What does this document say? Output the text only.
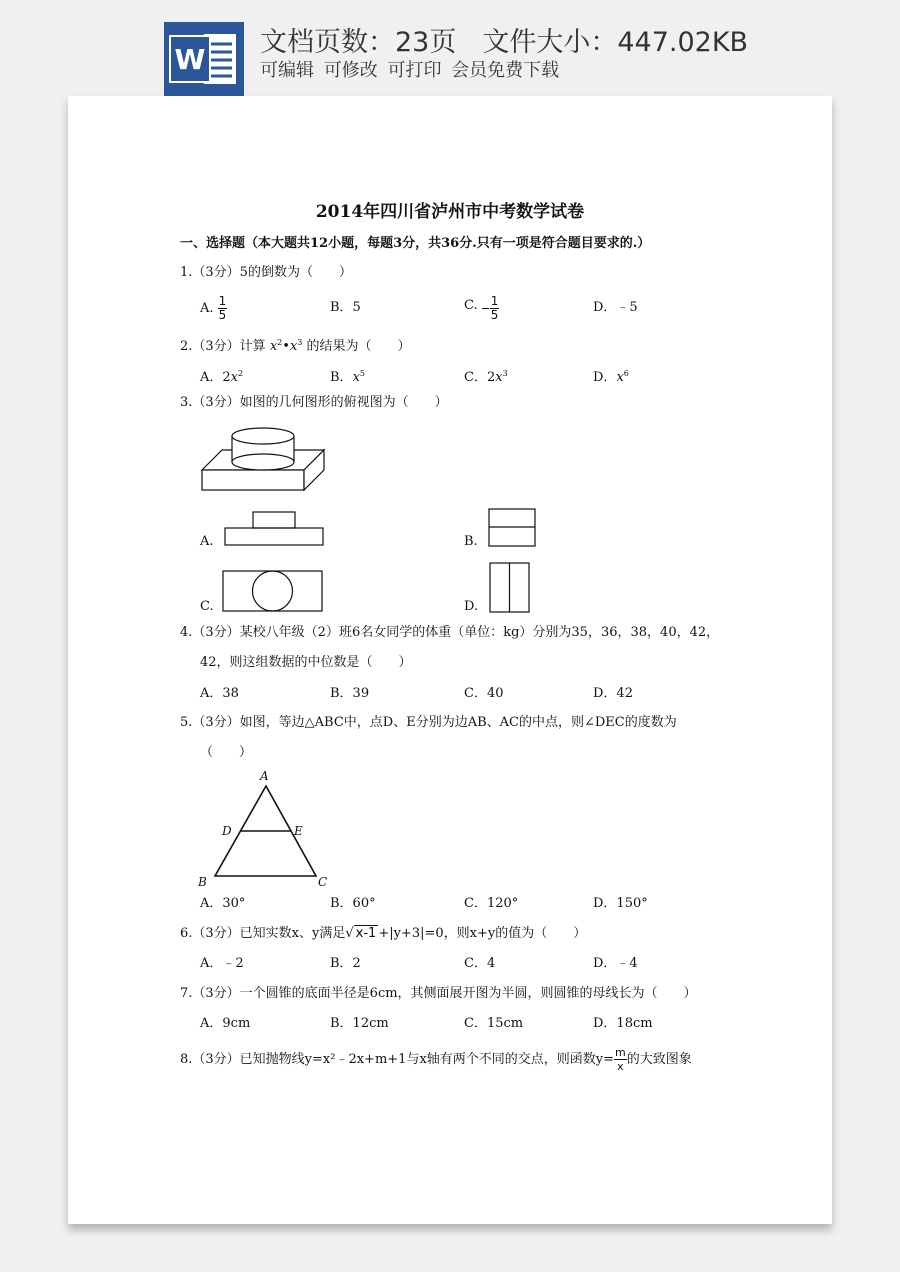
W
文档页数：23页 文件大小：447.02KB
可编辑 可修改 可打印 会员免费下载
2014年四川省泸州市中考数学试卷
一、选择题（本大题共12小题，每题3分，共36分.只有一项是符合题目要求的.）
1.（3分）5的倒数为（　　）
A. $\frac{1}{5}$	B．5	C. $\frac{1}{5}$	D．﹣5
2.（3分）计算 $x^2•x^3$ 的结果为（　　）
A．$2x^2$	B．$x^5$	C．$2x^3$	D．$x^6$
3.（3分）如图的几何图形的俯视图为（　　）
A.	B.
C.	D.
4.（3分）某校八年级（2）班6名女同学的体重（单位：kg）分别为35，36，38，40，42，
42，则这组数据的中位数是（　　）
A．38	B．39	C．40	D．42
5.（3分）如图，等边△ABC中，点D、E分别为边AB、AC的中点，则∠DEC的度数为
（　　）
A
D	E
B	C
A．30°	B．60°	C．120°	D．150°
6.（3分）已知实数x、y满足√ x-1 +|y+3|=0，则x+y的值为（　　）
A．﹣2	B．2	C．4	D．﹣4
7.（3分）一个圆锥的底面半径是6cm，其侧面展开图为半圆，则圆锥的母线长为（　　）
A．9cm	B．12cm	C．15cm	D．18cm
8.（3分）已知抛物线y=x²﹣2x+m+1与x轴有两个不同的交点，则函数$y= \frac{m}{x}$ 的大致图象
